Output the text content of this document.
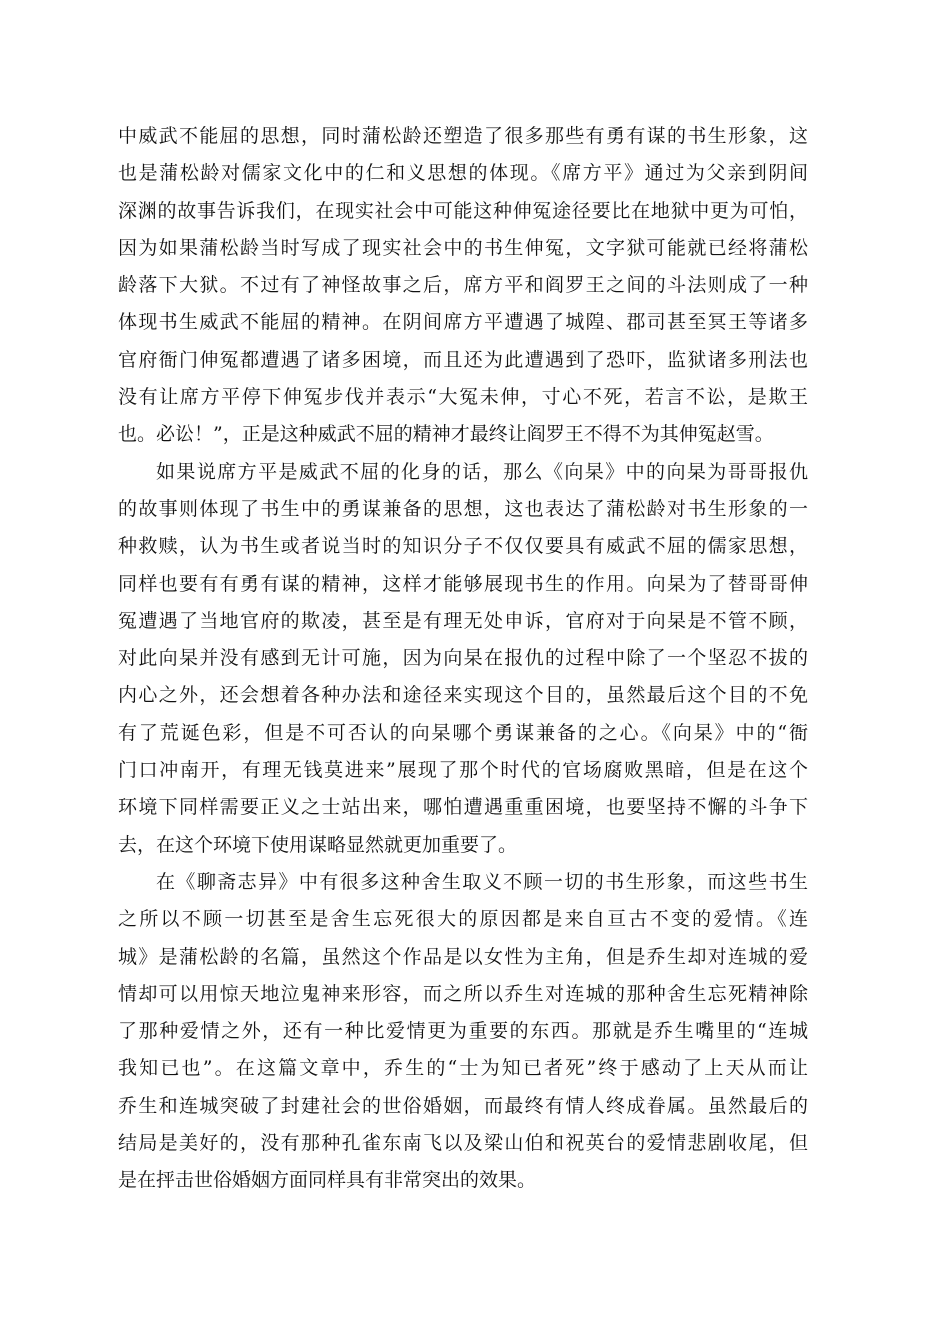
中威武不能屈的思想，同时蒲松龄还塑造了很多那些有勇有谋的书生形象，这
也是蒲松龄对儒家文化中的仁和义思想的体现。《席方平》通过为父亲到阴间
深渊的故事告诉我们，在现实社会中可能这种伸冤途径要比在地狱中更为可怕，
因为如果蒲松龄当时写成了现实社会中的书生伸冤，文字狱可能就已经将蒲松
龄落下大狱。不过有了神怪故事之后，席方平和阎罗王之间的斗法则成了一种
体现书生威武不能屈的精神。在阴间席方平遭遇了城隍、郡司甚至冥王等诸多
官府衙门伸冤都遭遇了诸多困境，而且还为此遭遇到了恐吓，监狱诸多刑法也
没有让席方平停下伸冤步伐并表示“大冤未伸，寸心不死，若言不讼，是欺王
也。必讼！”，正是这种威武不屈的精神才最终让阎罗王不得不为其伸冤赵雪。
如果说席方平是威武不屈的化身的话，那么《向杲》中的向杲为哥哥报仇
的故事则体现了书生中的勇谋兼备的思想，这也表达了蒲松龄对书生形象的一
种救赎，认为书生或者说当时的知识分子不仅仅要具有威武不屈的儒家思想，
同样也要有有勇有谋的精神，这样才能够展现书生的作用。向杲为了替哥哥伸
冤遭遇了当地官府的欺凌，甚至是有理无处申诉，官府对于向杲是不管不顾，
对此向杲并没有感到无计可施，因为向杲在报仇的过程中除了一个坚忍不拔的
内心之外，还会想着各种办法和途径来实现这个目的，虽然最后这个目的不免
有了荒诞色彩，但是不可否认的向杲哪个勇谋兼备的之心。《向杲》中的“衙
门口冲南开，有理无钱莫进来”展现了那个时代的官场腐败黑暗，但是在这个
环境下同样需要正义之士站出来，哪怕遭遇重重困境，也要坚持不懈的斗争下
去，在这个环境下使用谋略显然就更加重要了。
在《聊斋志异》中有很多这种舍生取义不顾一切的书生形象，而这些书生
之所以不顾一切甚至是舍生忘死很大的原因都是来自亘古不变的爱情。《连
城》是蒲松龄的名篇，虽然这个作品是以女性为主角，但是乔生却对连城的爱
情却可以用惊天地泣鬼神来形容，而之所以乔生对连城的那种舍生忘死精神除
了那种爱情之外，还有一种比爱情更为重要的东西。那就是乔生嘴里的“连城
我知已也”。在这篇文章中，乔生的“士为知已者死”终于感动了上天从而让
乔生和连城突破了封建社会的世俗婚姻，而最终有情人终成眷属。虽然最后的
结局是美好的，没有那种孔雀东南飞以及梁山伯和祝英台的爱情悲剧收尾，但
是在抨击世俗婚姻方面同样具有非常突出的效果。
